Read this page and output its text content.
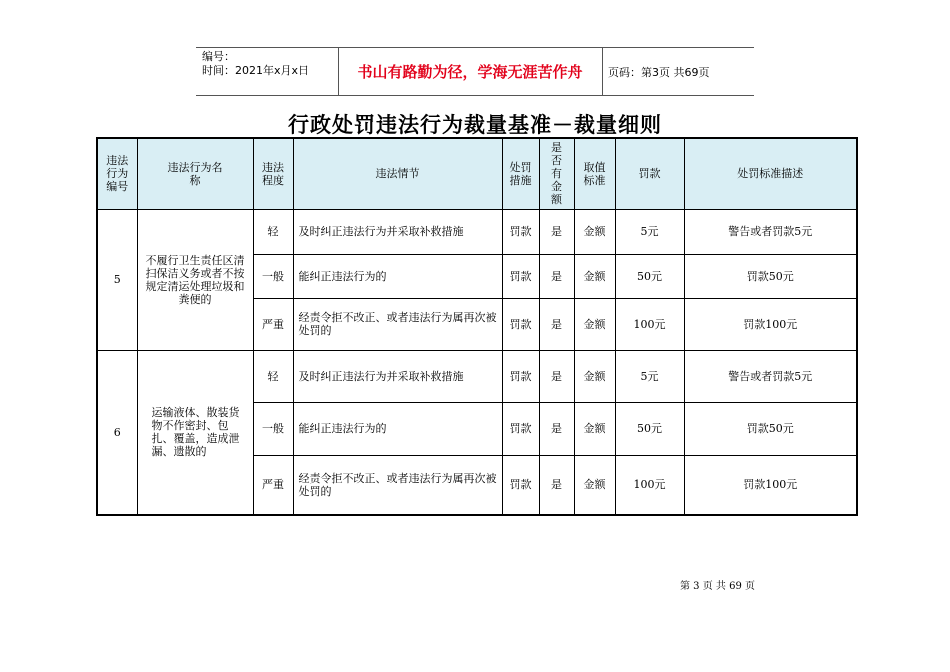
编号：
时间：2021年x月x日	书山有路勤为径，学海无涯苦作舟	页码：第3页 共69页
行政处罚违法行为裁量基准－裁量细则
违法行为编号	违法行为名　称	违法程度	违法情节	处罚措施	是否有金额	取值标准	罚款	处罚标准描述
5	不履行卫生责任区清扫保洁义务或者不按规定清运处理垃圾和粪便的	轻	及时纠正违法行为并采取补救措施	罚款	是	金额	5元	警告或者罚款5元
		一般	能纠正违法行为的	罚款	是	金额	50元	罚款50元
		严重	经责令拒不改正、或者违法行为属再次被处罚的	罚款	是	金额	100元	罚款100元
6	运输液体、散装货物不作密封、包扎、覆盖，造成泄漏、遗散的	轻	及时纠正违法行为并采取补救措施	罚款	是	金额	5元	警告或者罚款5元
		一般	能纠正违法行为的	罚款	是	金额	50元	罚款50元
		严重	经责令拒不改正、或者违法行为属再次被处罚的	罚款	是	金额	100元	罚款100元
第 3 页 共 69 页
